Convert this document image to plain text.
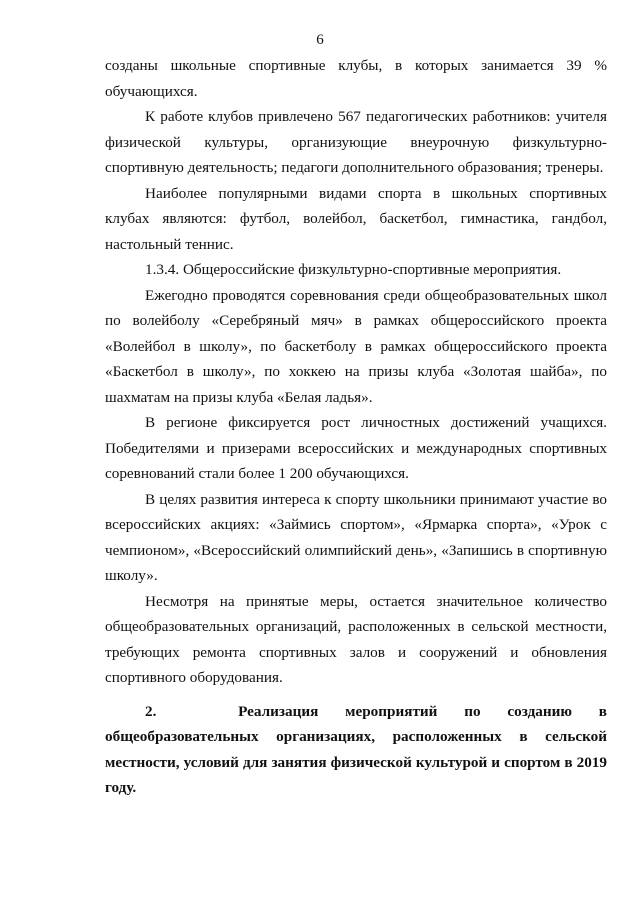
6

созданы школьные спортивные клубы, в которых занимается 39 % обучающихся.

К работе клубов привлечено 567 педагогических работников: учителя физической культуры, организующие внеурочную физкультурно-спортивную деятельность; педагоги дополнительного образования; тренеры.

Наиболее популярными видами спорта в школьных спортивных клубах являются: футбол, волейбол, баскетбол, гимнастика, гандбол, настольный теннис.

1.3.4. Общероссийские физкультурно-спортивные мероприятия.

Ежегодно проводятся соревнования среди общеобразовательных школ по волейболу «Серебряный мяч» в рамках общероссийского проекта «Волейбол в школу», по баскетболу в рамках общероссийского проекта «Баскетбол в школу», по хоккею на призы клуба «Золотая шайба», по шахматам на призы клуба «Белая ладья».

В регионе фиксируется рост личностных достижений учащихся. Победителями и призерами всероссийских и международных спортивных соревнований стали более 1 200 обучающихся.

В целях развития интереса к спорту школьники принимают участие во всероссийских акциях: «Займись спортом», «Ярмарка спорта», «Урок с чемпионом», «Всероссийский олимпийский день», «Запишись в спортивную школу».

Несмотря на принятые меры, остается значительное количество общеобразовательных организаций, расположенных в сельской местности, требующих ремонта спортивных залов и сооружений и обновления спортивного оборудования.

2.	Реализация мероприятий по созданию в общеобразовательных организациях, расположенных в сельской местности, условий для занятия физической культурой и спортом в 2019 году.
